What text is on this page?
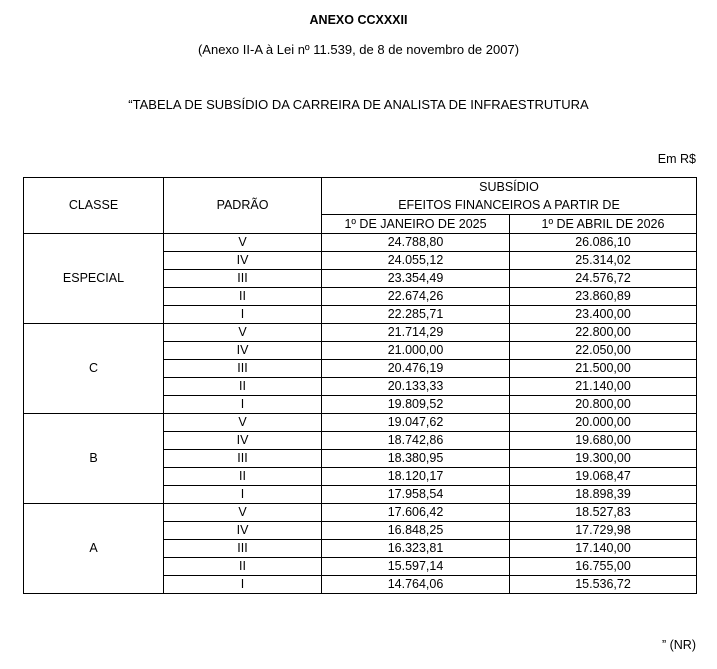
ANEXO CCXXXII
(Anexo II-A à Lei nº 11.539, de 8 de novembro de 2007)
“TABELA DE SUBSÍDIO DA CARREIRA DE ANALISTA DE INFRAESTRUTURA
Em R$
CLASSE	PADRÃO	SUBSÍDIO	
		EFEITOS FINANCEIROS A PARTIR DE	
		1º DE JANEIRO DE 2025	1º DE ABRIL DE 2026
ESPECIAL	V	24.788,80	26.086,10
	IV	24.055,12	25.314,02
	III	23.354,49	24.576,72
	II	22.674,26	23.860,89
	I	22.285,71	23.400,00
C	V	21.714,29	22.800,00
	IV	21.000,00	22.050,00
	III	20.476,19	21.500,00
	II	20.133,33	21.140,00
	I	19.809,52	20.800,00
B	V	19.047,62	20.000,00
	IV	18.742,86	19.680,00
	III	18.380,95	19.300,00
	II	18.120,17	19.068,47
	I	17.958,54	18.898,39
A	V	17.606,42	18.527,83
	IV	16.848,25	17.729,98
	III	16.323,81	17.140,00
	II	15.597,14	16.755,00
	I	14.764,06	15.536,72
” (NR)
